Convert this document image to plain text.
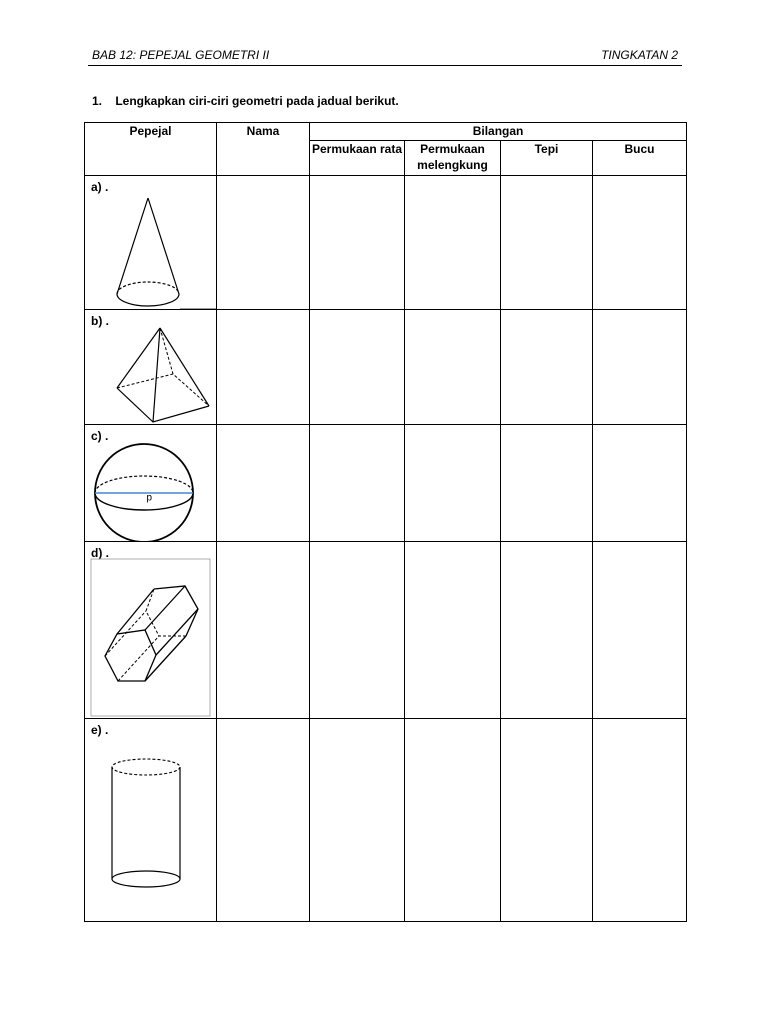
BAB 12: PEPEJAL GEOMETRI II	TINGKATAN 2
1. Lengkapkan ciri-ciri geometri pada jadual berikut.
Pepejal	Nama	Bilangan			
		Permukaan rata	Permukaan melengkung	Tepi	Bucu

a) .					

b) .					

c) .
d					

d) .					

e) .					
